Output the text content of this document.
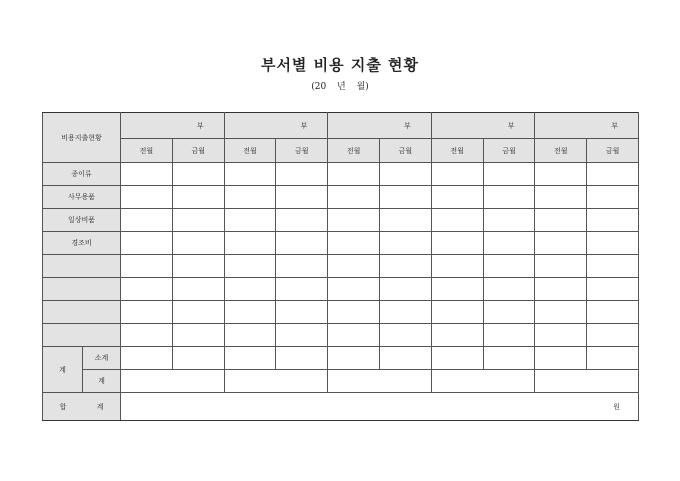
부서별 비용 지출 현황
(20 년 월)
비용지출현황		부		부		부		부		부	
		전월	금월	전월	금월	전월	금월	전월	금월	전월	금월
종이류											
사무용품											
일상비품											
경조비											

계	소계										
	계										
합 계		원									
